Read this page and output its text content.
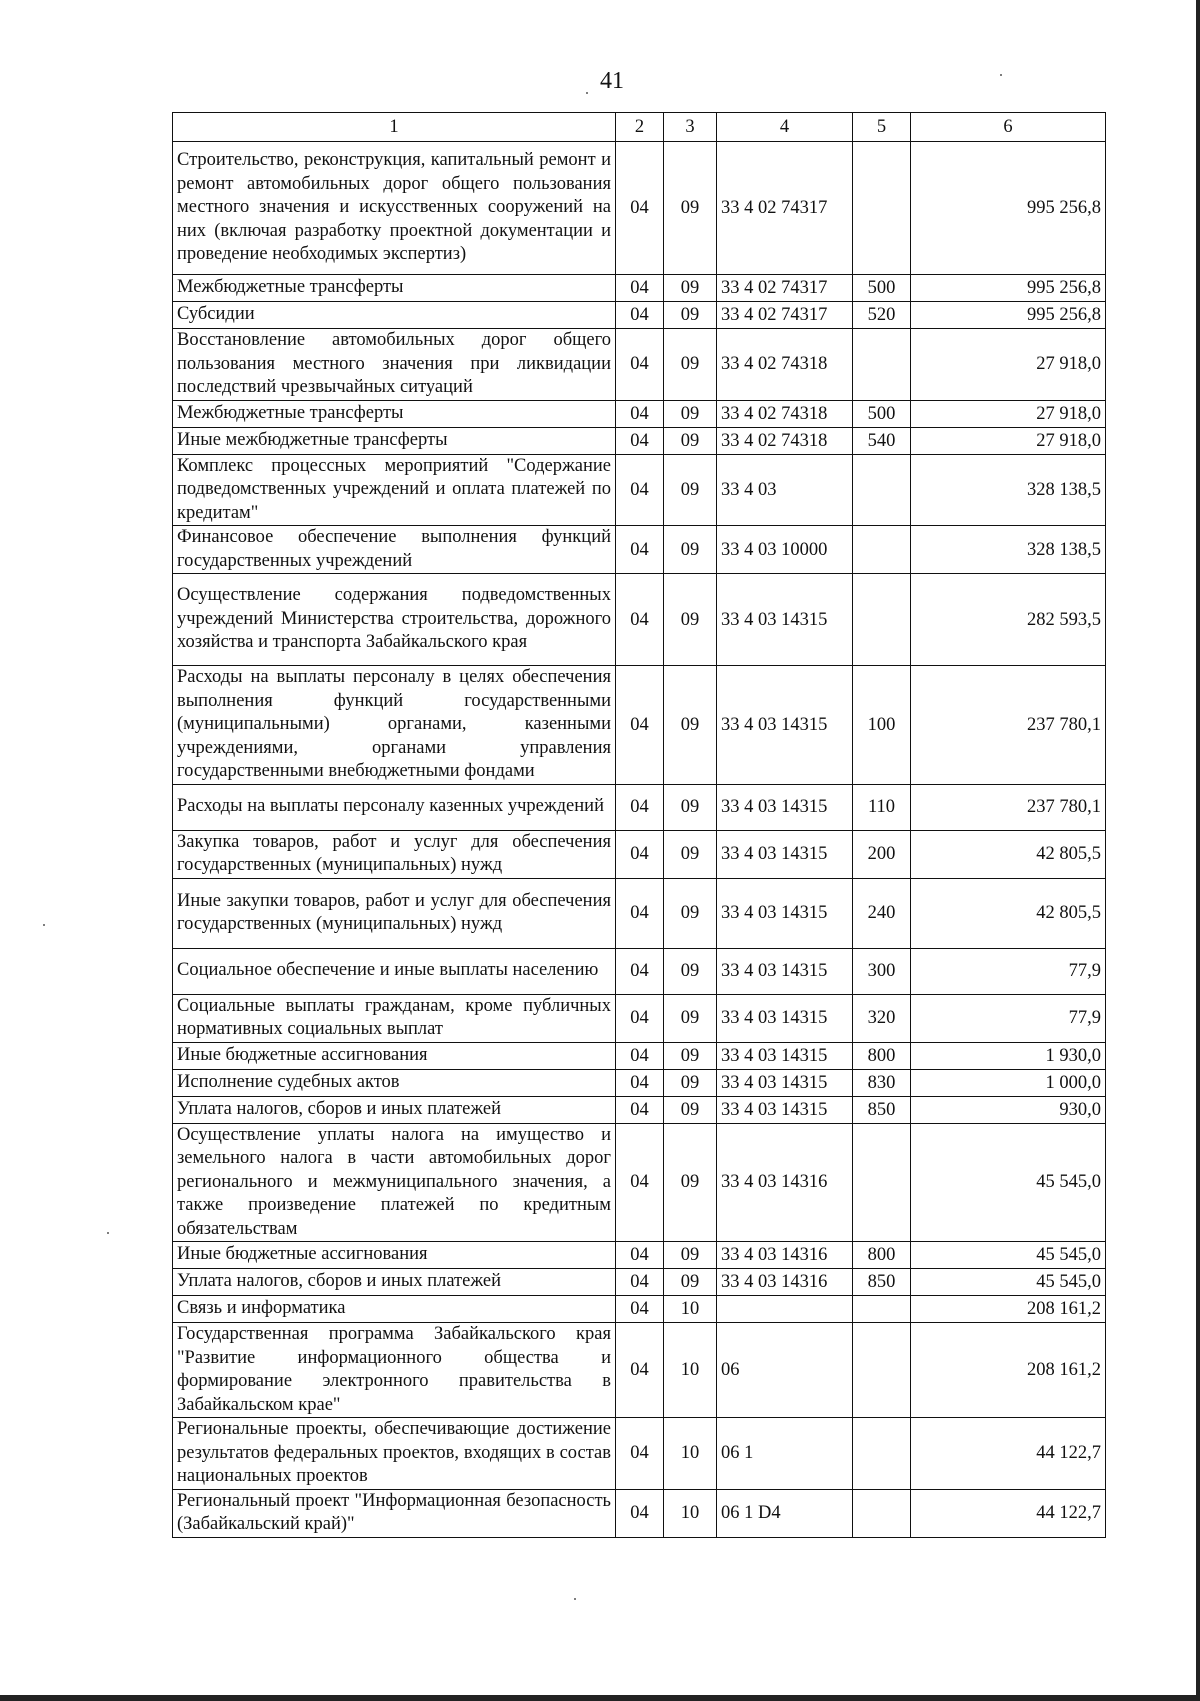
41
1	2	3	4	5	6
Строительство, реконструкция, капитальный ремонт и ремонт автомобильных дорог общего пользования местного значения и искусственных сооружений на них (включая разработку проектной документации и проведение необходимых экспертиз)	04	09	33 4 02 74317		995 256,8
Межбюджетные трансферты	04	09	33 4 02 74317	500	995 256,8
Субсидии	04	09	33 4 02 74317	520	995 256,8
Восстановление автомобильных дорог общего пользования местного значения при ликвидации последствий чрезвычайных ситуаций	04	09	33 4 02 74318		27 918,0
Межбюджетные трансферты	04	09	33 4 02 74318	500	27 918,0
Иные межбюджетные трансферты	04	09	33 4 02 74318	540	27 918,0
Комплекс процессных мероприятий "Содержание подведомственных учреждений и оплата платежей по кредитам"	04	09	33 4 03		328 138,5
Финансовое обеспечение выполнения функций государственных учреждений	04	09	33 4 03 10000		328 138,5
Осуществление содержания подведомственных учреждений Министерства строительства, дорожного хозяйства и транспорта Забайкальского края	04	09	33 4 03 14315		282 593,5
Расходы на выплаты персоналу в целях обеспечения выполнения функций государственными (муниципальными) органами, казенными учреждениями, органами управления государственными внебюджетными фондами	04	09	33 4 03 14315	100	237 780,1
Расходы на выплаты персоналу казенных учреждений	04	09	33 4 03 14315	110	237 780,1
Закупка товаров, работ и услуг для обеспечения государственных (муниципальных) нужд	04	09	33 4 03 14315	200	42 805,5
Иные закупки товаров, работ и услуг для обеспечения государственных (муниципальных) нужд	04	09	33 4 03 14315	240	42 805,5
Социальное обеспечение и иные выплаты населению	04	09	33 4 03 14315	300	77,9
Социальные выплаты гражданам, кроме публичных нормативных социальных выплат	04	09	33 4 03 14315	320	77,9
Иные бюджетные ассигнования	04	09	33 4 03 14315	800	1 930,0
Исполнение судебных актов	04	09	33 4 03 14315	830	1 000,0
Уплата налогов, сборов и иных платежей	04	09	33 4 03 14315	850	930,0
Осуществление уплаты налога на имущество и земельного налога в части автомобильных дорог регионального и межмуниципального значения, а также произведение платежей по кредитным обязательствам	04	09	33 4 03 14316		45 545,0
Иные бюджетные ассигнования	04	09	33 4 03 14316	800	45 545,0
Уплата налогов, сборов и иных платежей	04	09	33 4 03 14316	850	45 545,0
Связь и информатика	04	10			208 161,2
Государственная программа Забайкальского края "Развитие информационного общества и формирование электронного правительства в Забайкальском крае"	04	10	06		208 161,2
Региональные проекты, обеспечивающие достижение результатов федеральных проектов, входящих в состав национальных проектов	04	10	06 1		44 122,7
Региональный проект "Информационная безопасность (Забайкальский край)"	04	10	06 1 D4		44 122,7
